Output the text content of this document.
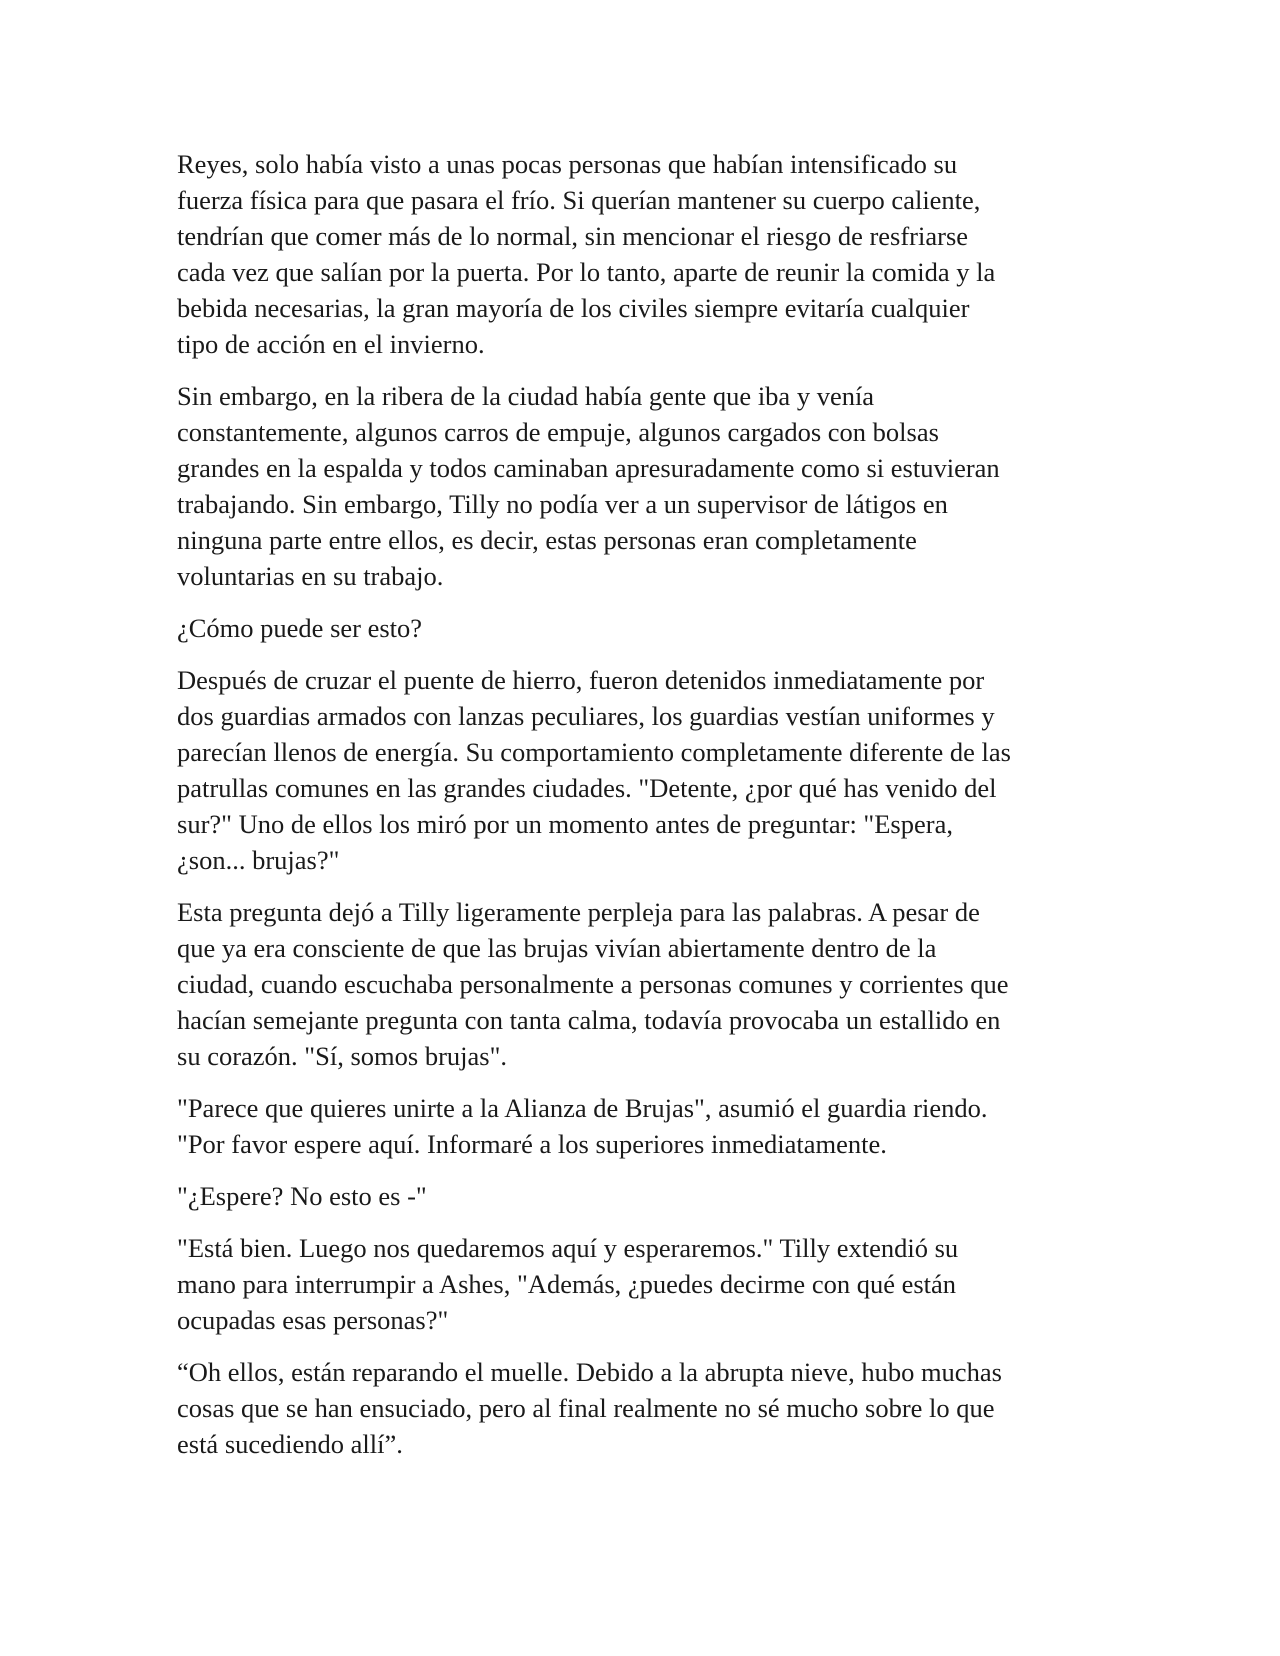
Reyes, solo había visto a unas pocas personas que habían intensificado su
fuerza física para que pasara el frío. Si querían mantener su cuerpo caliente,
tendrían que comer más de lo normal, sin mencionar el riesgo de resfriarse
cada vez que salían por la puerta. Por lo tanto, aparte de reunir la comida y la
bebida necesarias, la gran mayoría de los civiles siempre evitaría cualquier
tipo de acción en el invierno.

Sin embargo, en la ribera de la ciudad había gente que iba y venía
constantemente, algunos carros de empuje, algunos cargados con bolsas
grandes en la espalda y todos caminaban apresuradamente como si estuvieran
trabajando. Sin embargo, Tilly no podía ver a un supervisor de látigos en
ninguna parte entre ellos, es decir, estas personas eran completamente
voluntarias en su trabajo.

¿Cómo puede ser esto?

Después de cruzar el puente de hierro, fueron detenidos inmediatamente por
dos guardias armados con lanzas peculiares, los guardias vestían uniformes y
parecían llenos de energía. Su comportamiento completamente diferente de las
patrullas comunes en las grandes ciudades. "Detente, ¿por qué has venido del
sur?" Uno de ellos los miró por un momento antes de preguntar: "Espera,
¿son... brujas?"

Esta pregunta dejó a Tilly ligeramente perpleja para las palabras. A pesar de
que ya era consciente de que las brujas vivían abiertamente dentro de la
ciudad, cuando escuchaba personalmente a personas comunes y corrientes que
hacían semejante pregunta con tanta calma, todavía provocaba un estallido en
su corazón. "Sí, somos brujas".

"Parece que quieres unirte a la Alianza de Brujas", asumió el guardia riendo.
"Por favor espere aquí. Informaré a los superiores inmediatamente.

"¿Espere? No esto es -"

"Está bien. Luego nos quedaremos aquí y esperaremos." Tilly extendió su
mano para interrumpir a Ashes, "Además, ¿puedes decirme con qué están
ocupadas esas personas?"

“Oh ellos, están reparando el muelle. Debido a la abrupta nieve, hubo muchas
cosas que se han ensuciado, pero al final realmente no sé mucho sobre lo que
está sucediendo allí”.
